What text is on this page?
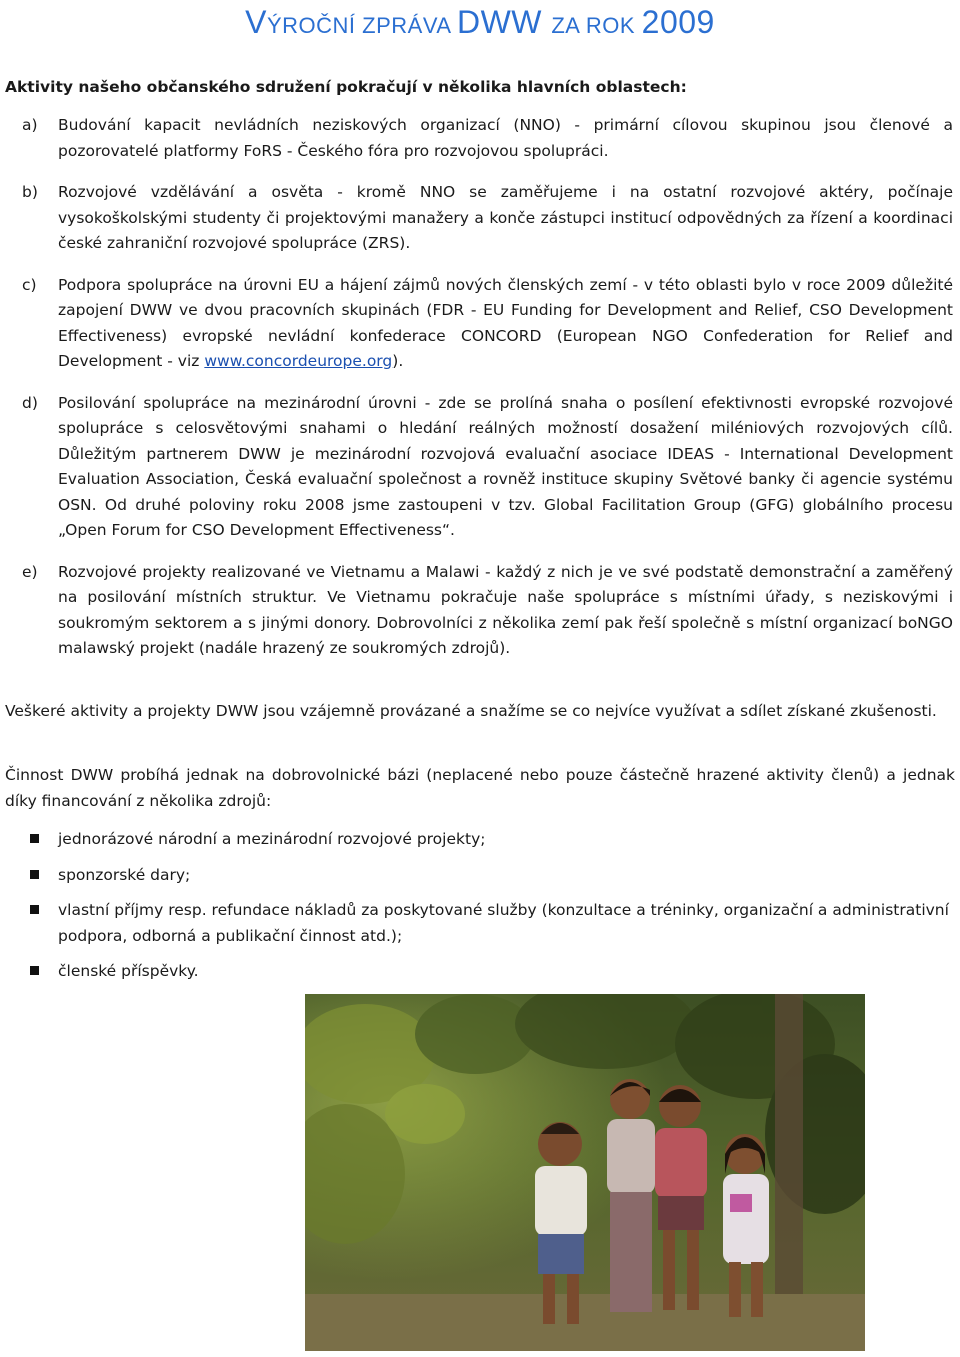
VÝROČNÍ ZPRÁVA DWW ZA ROK 2009

Aktivity našeho občanského sdružení pokračují v několika hlavních oblastech:

a)	Budování kapacit nevládních neziskových organizací (NNO) - primární cílovou skupinou jsou členové a pozorovatelé platformy FoRS - Českého fóra pro rozvojovou spolupráci.
b)	Rozvojové vzdělávání a osvěta - kromě NNO se zaměřujeme i na ostatní rozvojové aktéry, počínaje vysokoškolskými studenty či projektovými manažery a konče zástupci institucí odpovědných za řízení a koordinaci české zahraniční rozvojové spolupráce (ZRS).
c)	Podpora spolupráce na úrovni EU a hájení zájmů nových členských zemí - v této oblasti bylo v roce 2009 důležité zapojení DWW ve dvou pracovních skupinách (FDR - EU Funding for Development and Relief, CSO Development Effectiveness) evropské nevládní konfederace CONCORD (European NGO Confederation for Relief and Development - viz www.concordeurope.org).
d)	Posilování spolupráce na mezinárodní úrovni - zde se prolíná snaha o posílení efektivnosti evropské rozvojové spolupráce s celosvětovými snahami o hledání reálných možností dosažení miléniových rozvojových cílů. Důležitým partnerem DWW je mezinárodní rozvojová evaluační asociace IDEAS - International Development Evaluation Association, Česká evaluační společnost a rovněž instituce skupiny Světové banky či agencie systému OSN. Od druhé poloviny roku 2008 jsme zastoupeni v tzv. Global Facilitation Group (GFG) globálního procesu „Open Forum for CSO Development Effectiveness“.
e)	Rozvojové projekty realizované ve Vietnamu a Malawi - každý z nich je ve své podstatě demonstrační a zaměřený na posilování místních struktur. Ve Vietnamu pokračuje naše spolupráce s místními úřady, s neziskovými i soukromým sektorem a s jinými donory. Dobrovolníci z několika zemí pak řeší společně s místní organizací boNGO malawský projekt (nadále hrazený ze soukromých zdrojů).

Veškeré aktivity a projekty DWW jsou vzájemně provázané a snažíme se co nejvíce využívat a sdílet získané zkušenosti.

Činnost DWW probíhá jednak na dobrovolnické bázi (neplacené nebo pouze částečně hrazené aktivity členů) a jednak díky financování z několika zdrojů:

jednorázové národní a mezinárodní rozvojové projekty;
sponzorské dary;
vlastní příjmy resp. refundace nákladů za poskytované služby (konzultace a tréninky, organizační a administrativní podpora, odborná a publikační činnost atd.);
členské příspěvky.
